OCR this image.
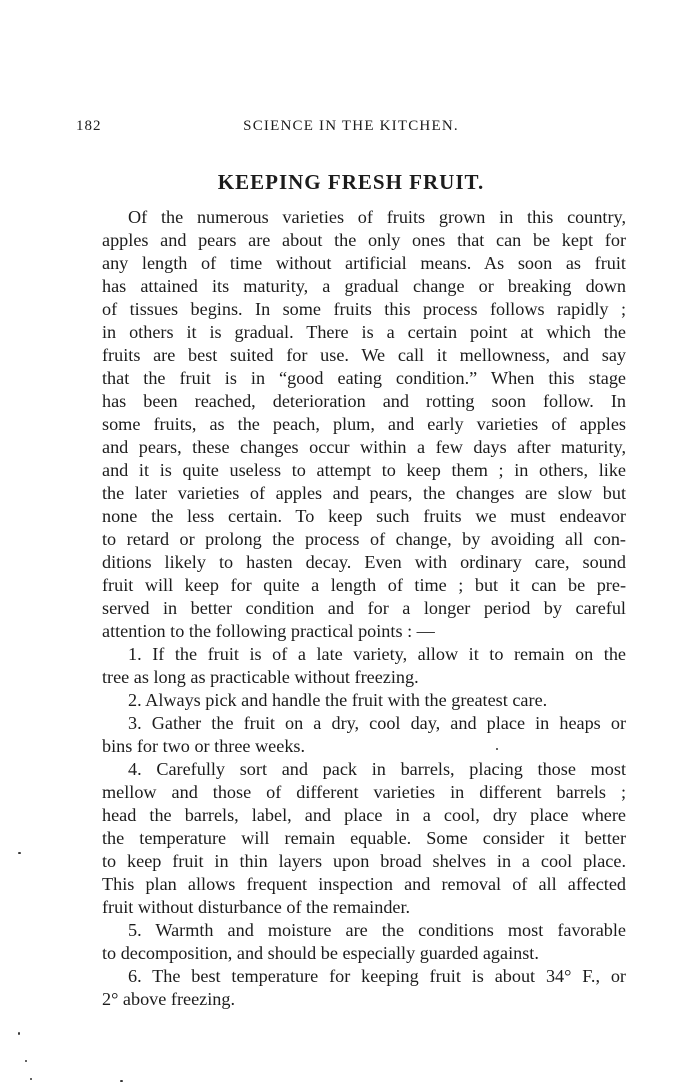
182	SCIENCE IN THE KITCHEN.
KEEPING FRESH FRUIT.
Of the numerous varieties of fruits grown in this country,
apples and pears are about the only ones that can be kept for
any length of time without artificial means. As soon as fruit
has attained its maturity, a gradual change or breaking down
of tissues begins. In some fruits this process follows rapidly ;
in others it is gradual. There is a certain point at which the
fruits are best suited for use. We call it mellowness, and say
that the fruit is in “good eating condition.” When this stage
has been reached, deterioration and rotting soon follow. In
some fruits, as the peach, plum, and early varieties of apples
and pears, these changes occur within a few days after maturity,
and it is quite useless to attempt to keep them ; in others, like
the later varieties of apples and pears, the changes are slow but
none the less certain. To keep such fruits we must endeavor
to retard or prolong the process of change, by avoiding all con-
ditions likely to hasten decay. Even with ordinary care, sound
fruit will keep for quite a length of time ; but it can be pre-
served in better condition and for a longer period by careful
attention to the following practical points : —
1. If the fruit is of a late variety, allow it to remain on the
tree as long as practicable without freezing.
2. Always pick and handle the fruit with the greatest care.
3. Gather the fruit on a dry, cool day, and place in heaps or
bins for two or three weeks.
4. Carefully sort and pack in barrels, placing those most
mellow and those of different varieties in different barrels ;
head the barrels, label, and place in a cool, dry place where
the temperature will remain equable. Some consider it better
to keep fruit in thin layers upon broad shelves in a cool place.
This plan allows frequent inspection and removal of all affected
fruit without disturbance of the remainder.
5. Warmth and moisture are the conditions most favorable
to decomposition, and should be especially guarded against.
6. The best temperature for keeping fruit is about 34° F., or
2° above freezing.
